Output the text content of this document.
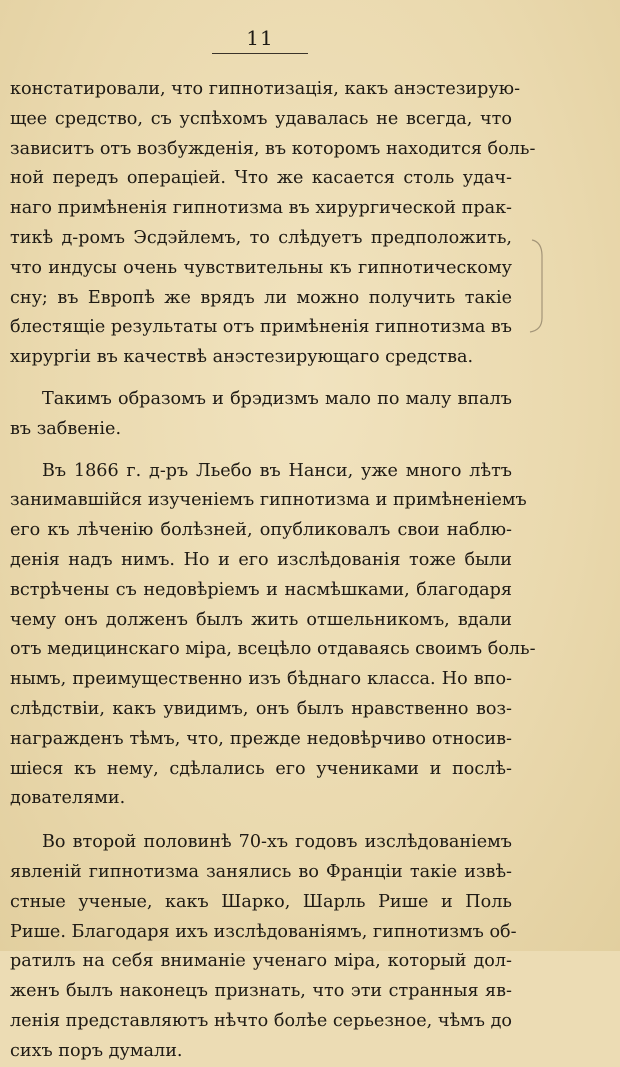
11
констатировали, что гипнотизація, какъ анэстезирую-
щее средство, съ успѣхомъ удавалась не всегда, что
зависитъ отъ возбужденія, въ которомъ находится боль-
ной передъ операціей. Что же касается столь удач-
наго примѣненія гипнотизма въ хирургической прак-
тикѣ д-ромъ Эсдэйлемъ, то слѣдуетъ предположить,
что индусы очень чувствительны къ гипнотическому
сну; въ Европѣ же врядъ ли можно получить такіе
блестящіе результаты отъ примѣненія гипнотизма въ
хирургіи въ качествѣ анэстезирующаго средства.
Такимъ образомъ и брэдизмъ мало по малу впалъ
въ забвеніе.
Въ 1866 г. д-ръ Льебо въ Нанси, уже много лѣтъ
занимавшійся изученіемъ гипнотизма и примѣненіемъ
его къ лѣченію болѣзней, опубликовалъ свои наблю-
денія надъ нимъ. Но и его изслѣдованія тоже были
встрѣчены съ недовѣріемъ и насмѣшками, благодаря
чему онъ долженъ былъ жить отшельникомъ, вдали
отъ медицинскаго міра, всецѣло отдаваясь своимъ боль-
нымъ, преимущественно изъ бѣднаго класса. Но впо-
слѣдствіи, какъ увидимъ, онъ былъ нравственно воз-
награжденъ тѣмъ, что, прежде недовѣрчиво относив-
шіеся къ нему, сдѣлались его учениками и послѣ-
дователями.
Во второй половинѣ 70-хъ годовъ изслѣдованіемъ
явленій гипнотизма занялись во Франціи такіе извѣ-
стные ученые, какъ Шарко, Шарль Рише и Поль
Рише. Благодаря ихъ изслѣдованіямъ, гипнотизмъ об-
ратилъ на себя вниманіе ученаго міра, который дол-
женъ былъ наконецъ признать, что эти странныя яв-
ленія представляютъ нѣчто болѣе серьезное, чѣмъ до
сихъ поръ думали.
